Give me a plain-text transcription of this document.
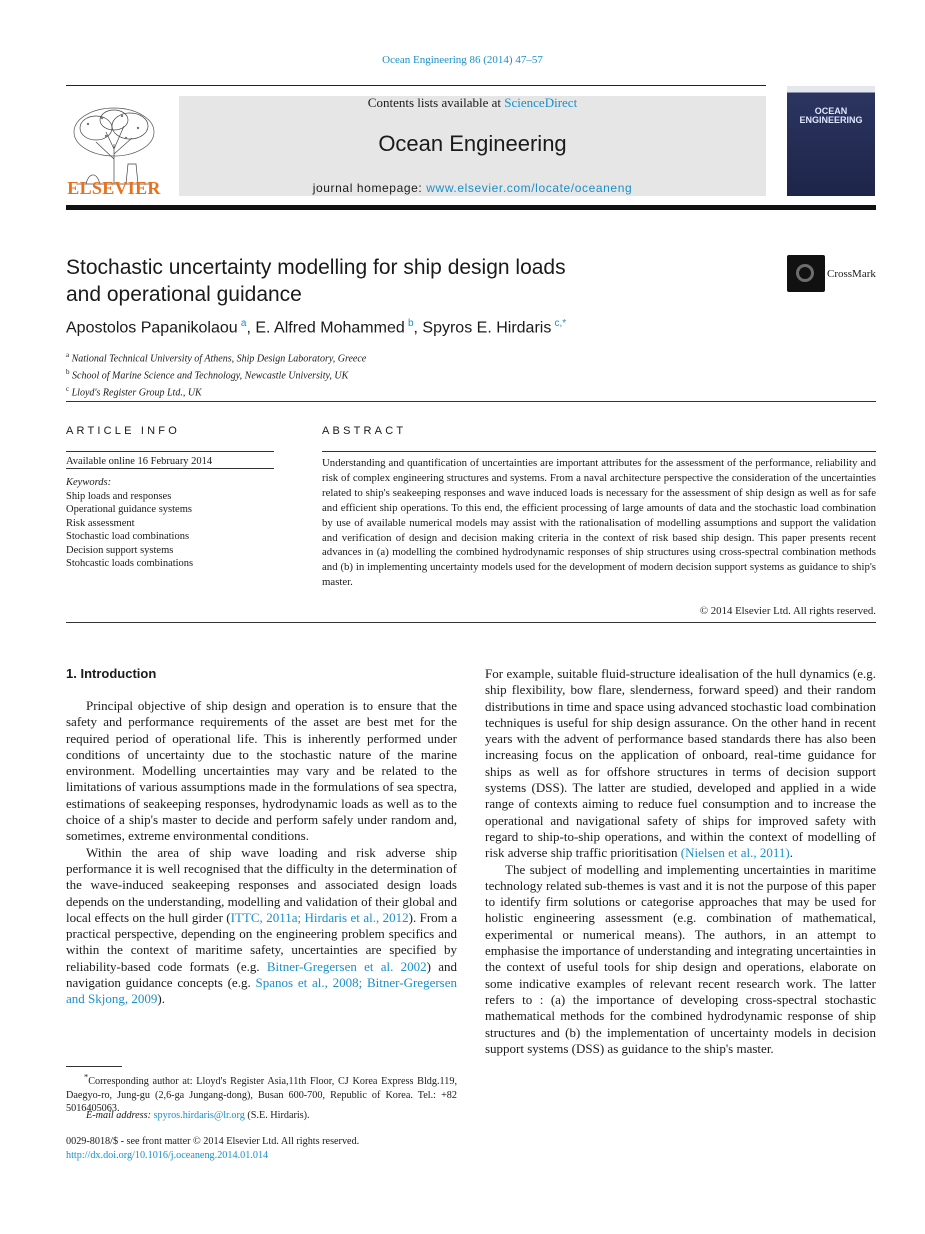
Ocean Engineering 86 (2014) 47–57
ELSEVIER
Contents lists available at ScienceDirect
Ocean Engineering
journal homepage: www.elsevier.com/locate/oceaneng
OCEAN
ENGINEERING
Stochastic uncertainty modelling for ship design loads
and operational guidance
CrossMark
Apostolos Papanikolaou  $^a$, E. Alfred Mohammed  $^b$, Spyros E. Hirdaris  $^{c,*}$
$^a$ National Technical University of Athens, Ship Design Laboratory, Greece
$^b$ School of Marine Science and Technology, Newcastle University, UK
$^c$ Lloyd's Register Group Ltd., UK
ARTICLE INFO
Available online 16 February 2014
Keywords:
Ship loads and responses
Operational guidance systems
Risk assessment
Stochastic load combinations
Decision support systems
Stohcastic loads combinations
ABSTRACT

Understanding and quantification of uncertainties are important attributes for the assessment of the performance, reliability and risk of complex engineering structures and systems. From a naval architecture perspective the consideration of the uncertainties related to ship's seakeeping responses and wave induced loads is necessary for the assessment of ship design as well as for safe and efficient ship operations. To this end, the efficient processing of large amounts of data and the stochastic load combination by use of available numerical models may assist with the rationalisation of modelling assumptions and support the validation and verification of design and decision making criteria in the context of risk based ship design. This paper presents recent advances in (a) modelling the combined hydrodynamic responses of ship structures using cross-spectral combination methods and (b) in implementing uncertainty models used for the development of modern decision support systems as guidance to ship's master.

© 2014 Elsevier Ltd. All rights reserved.
1. Introduction

Principal objective of ship design and operation is to ensure that the safety and performance requirements of the asset are best met for the required period of operational life. This is inherently performed under conditions of uncertainty due to the stochastic nature of the marine environment. Modelling uncertainties may vary and be related to the limitations of various assumptions made in the formulations of sea spectra, estimations of seakeeping responses, hydrodynamic loads as well as to the choice of a ship's master to decide and perform safely under random and, sometimes, extreme environmental conditions.

Within the area of ship wave loading and risk adverse ship performance it is well recognised that the difficulty in the determination of the wave-induced seakeeping responses and associated design loads depends on the understanding, modelling and validation of their global and local effects on the hull girder (ITTC, 2011a; Hirdaris et al., 2012). From a practical perspective, depending on the engineering problem specifics and within the context of maritime safety, uncertainties are specified by reliability-based code formats (e.g. Bitner-Gregersen et al. 2002) and navigation guidance concepts (e.g. Spanos et al., 2008; Bitner-Gregersen and Skjong, 2009).

For example, suitable fluid-structure idealisation of the hull dynamics (e.g. ship flexibility, bow flare, slenderness, forward speed) and their random distributions in time and space using advanced stochastic load combination techniques is useful for ship design assurance. On the other hand in recent years with the advent of performance based standards there has also been increasing focus on the application of onboard, real-time guidance for ships as well as for offshore structures in terms of decision support systems (DSS). The latter are studied, developed and applied in a wide range of contexts aiming to reduce fuel consumption and to increase the operational and navigational safety of ships for improved safety with regard to ship-to-ship operations, and within the context of modelling of risk adverse ship traffic prioritisation (Nielsen et al., 2011).

The subject of modelling and implementing uncertainties in maritime technology related sub-themes is vast and it is not the purpose of this paper to identify firm solutions or categorise approaches that may be used for holistic engineering assessment (e.g. combination of mathematical, experimental or numerical means). The authors, in an attempt to emphasise the importance of understanding and integrating uncertainties in the context of useful tools for ship design and operations, elaborate on some indicative examples of relevant recent research work. The latter refers to : (a) the importance of developing cross-spectral stochastic mathematical methods for the combined hydrodynamic response of ship structures and (b) the implementation of uncertainty models in decision support systems (DSS) as guidance to the ship's master.

*Corresponding author at: Lloyd's Register Asia,11th Floor, CJ Korea Express Bldg.119, Daegyo-ro, Jung-gu (2,6-ga Jungang-dong), Busan 600-700, Republic of Korea. Tel.: +82 5016405063.
E-mail address: spyros.hirdaris@lr.org (S.E. Hirdaris).
0029-8018/$ - see front matter © 2014 Elsevier Ltd. All rights reserved.
http://dx.doi.org/10.1016/j.oceaneng.2014.01.014
